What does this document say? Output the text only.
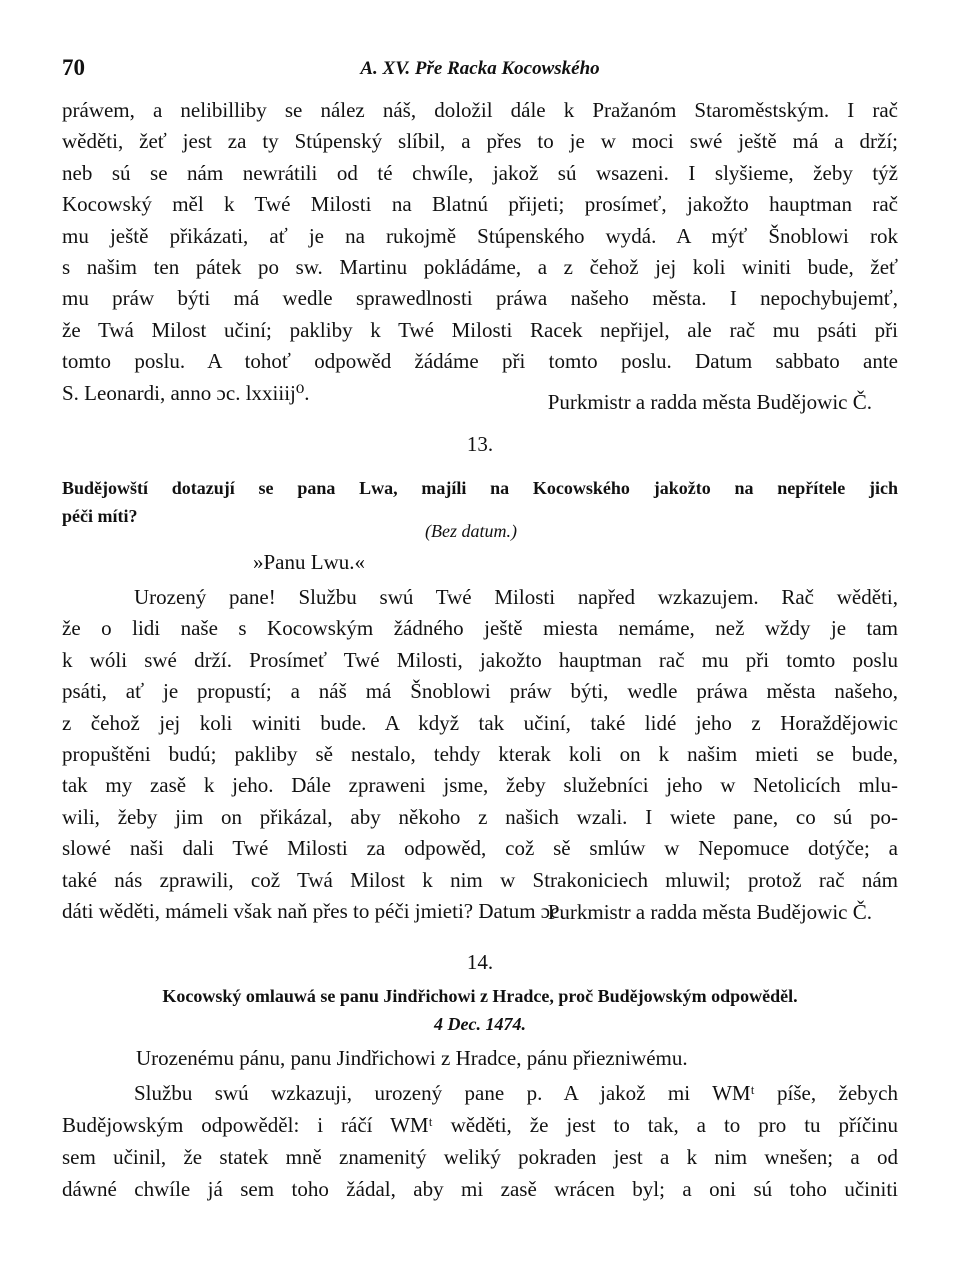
70	A. XV. Pře Racka Kocowského
práwem, a nelibilliby se nález náš, doložil dále k Pražanóm Staroměstským. I rač
wěděti, žeť jest za ty Stúpenský slíbil, a přes to je w moci swé ještě má a drží;
neb sú se nám newrátili od té chwíle, jakož sú wsazeni. I slyšieme, žeby týž
Kocowský měl k Twé Milosti na Blatnú přijeti; prosímeť, jakožto hauptman rač
mu ještě přikázati, ať je na rukojmě Stúpenského wydá. A mýť Šnoblowi rok
s našim ten pátek po sw. Martinu pokládáme, a z čehož jej koli winiti bude, žeť
mu práw býti má wedle sprawedlnosti práwa našeho města. I nepochybujemť,
že Twá Milost učiní; pakliby k Twé Milosti Racek nepřijel, ale rač mu psáti při
tomto poslu. A tohoť odpowěd žádáme při tomto poslu. Datum sabbato ante
S. Leonardi, anno ɔc. lxxiiij⁰.	Purkmistr a radda města Budějowic Č.
13.
Budějowští dotazují se pana Lwa, majíli na Kocowského jakožto na nepřítele jich
péči míti?
(Bez datum.)
»Panu Lwu.«
Urozený pane! Službu swú Twé Milosti napřed wzkazujem. Rač wěděti,
že o lidi naše s Kocowským žádného ještě miesta nemáme, než wždy je tam
k wóli swé drží. Prosímeť Twé Milosti, jakožto hauptman rač mu při tomto poslu
psáti, ať je propustí; a náš má Šnoblowi práw býti, wedle práwa města našeho,
z čehož jej koli winiti bude. A když tak učiní, také lidé jeho z Horaždějowic
propuštěni budú; pakliby sě nestalo, tehdy kterak koli on k našim mieti se bude,
tak my zasě k jeho. Dále zprawenі jsme, žeby služebníci jeho w Netolicích mlu-
wili, žeby jim on přikázal, aby někoho z našich wzali. I wiete pane, co sú po-
slowé naši dali Twé Milosti za odpowěd, což sě smlúw w Nepomuce dotýče; a
také nás zprawili, což Twá Milost k nim w Strakoniciech mluwil; protož rač nám
dáti wěděti, mámeli však naň přes to péči jmieti? Datum ɔc.
Purkmistr a radda města Budějowic Č.
14.
Kocowský omlauwá se panu Jindřichowi z Hradce, proč Budějowským odpowěděl.
4 Dec. 1474.
Urozenému pánu, panu Jindřichowi z Hradce, pánu přiezniwému.
Službu swú wzkazuji, urozený pane p. A jakož mi WMᵗ píše, žebych
Budějowským odpowěděl: i ráčí WMᵗ wěděti, že jest to tak, a to pro tu příčinu
sem učinil, že statek mně znamenitý weliký pokraden jest a k nim wnešen; a od
dáwné chwíle já sem toho žádal, aby mi zasě wrácen byl; a oni sú toho učiniti
